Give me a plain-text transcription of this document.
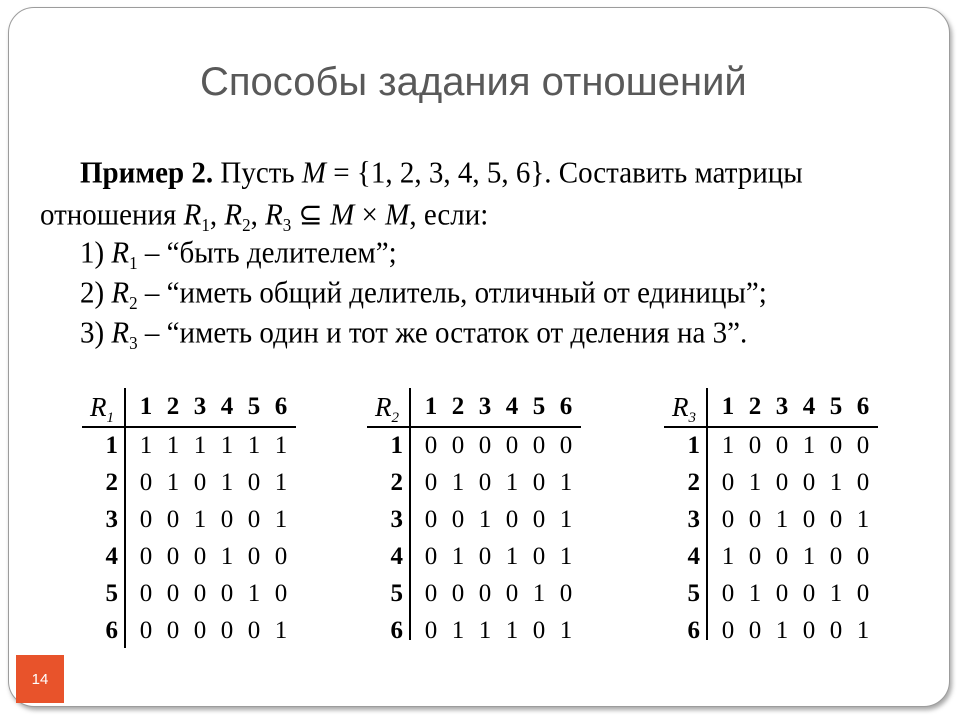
Способы задания отношений
Пример 2. Пусть M = {1, 2, 3, 4, 5, 6}. Составить матрицы
отношения $R_1$, $R_2$, $R_3$ ⊆ M × M, если:
1) $R_1$ – “быть делителем”;
2) $R_2$ – “иметь общий делитель, отличный от единицы”;
3) $R_3$ – “иметь один и тот же остаток от деления на 3”.
$R_1$	1 2 3 4 5 6
1 1 1 1 1 1 1
2 0 1 0 1 0 1
3 0 0 1 0 0 1
4 0 0 0 1 0 0
5 0 0 0 0 1 0
6 0 0 0 0 0 1
$R_2$	1 2 3 4 5 6
1 0 0 0 0 0 0
2 0 1 0 1 0 1
3 0 0 1 0 0 1
4 0 1 0 1 0 1
5 0 0 0 0 1 0
6 0 1 1 1 0 1
$R_3$	1 2 3 4 5 6
1 1 0 0 1 0 0
2 0 1 0 0 1 0
3 0 0 1 0 0 1
4 1 0 0 1 0 0
5 0 1 0 0 1 0
6 0 0 1 0 0 1
14
